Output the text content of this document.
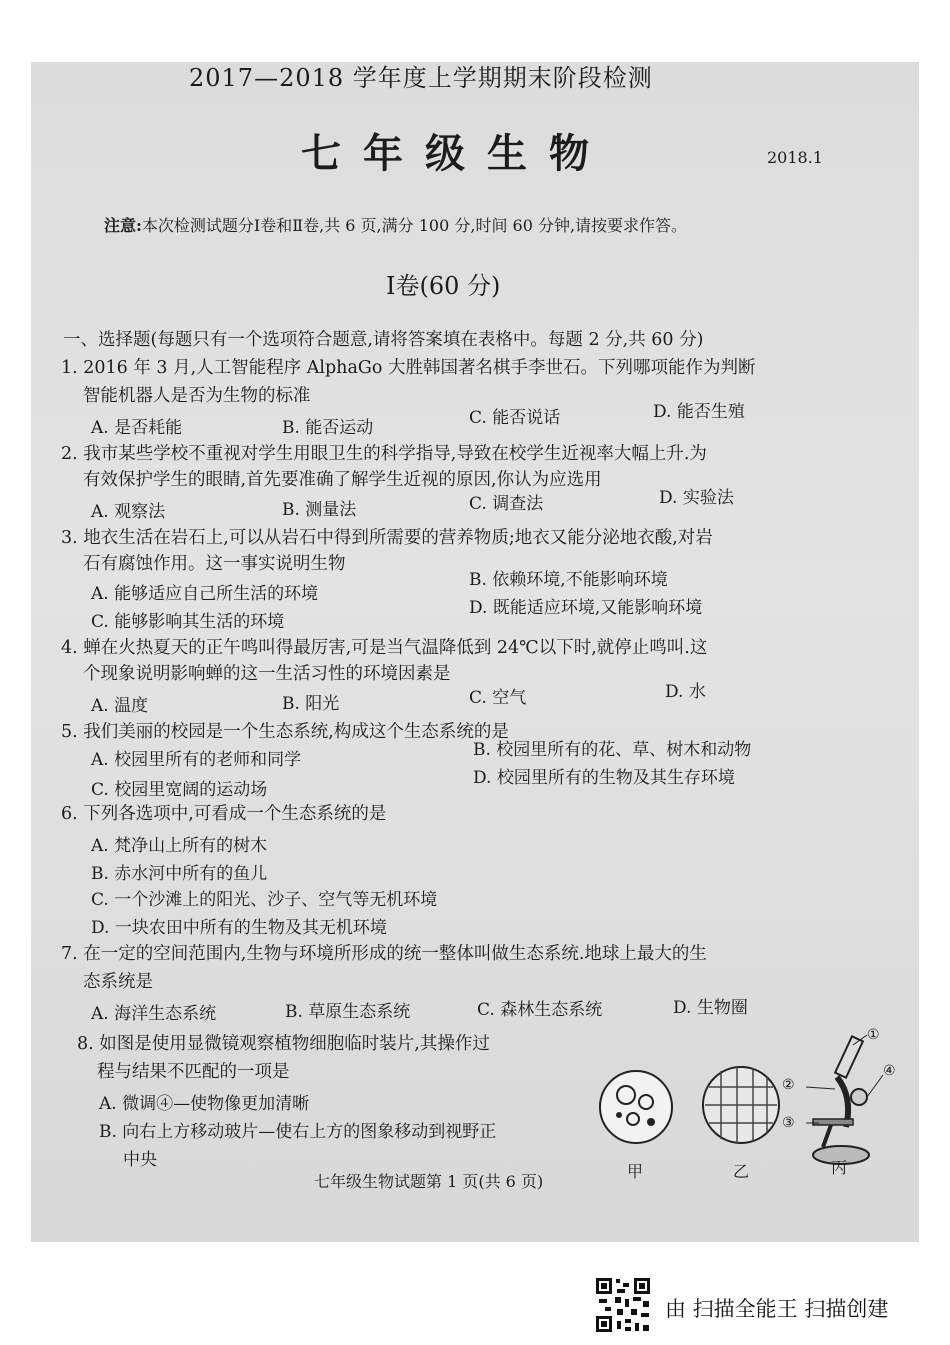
2017—2018 学年度上学期期末阶段检测
七年级生物	2018.1
注意:本次检测试题分Ⅰ卷和Ⅱ卷,共 6 页,满分 100 分,时间 60 分钟,请按要求作答。
Ⅰ卷(60 分)
一、选择题(每题只有一个选项符合题意,请将答案填在表格中。每题 2 分,共 60 分)
1. 2016 年 3 月,人工智能程序 AlphaGo 大胜韩国著名棋手李世石。下列哪项能作为判断
智能机器人是否为生物的标准
A. 是否耗能	B. 能否运动	C. 能否说话	D. 能否生殖
2. 我市某些学校不重视对学生用眼卫生的科学指导,导致在校学生近视率大幅上升.为
有效保护学生的眼睛,首先要准确了解学生近视的原因,你认为应选用
A. 观察法	B. 测量法	C. 调查法	D. 实验法
3. 地衣生活在岩石上,可以从岩石中得到所需要的营养物质;地衣又能分泌地衣酸,对岩
石有腐蚀作用。这一事实说明生物
A. 能够适应自己所生活的环境
B. 依赖环境,不能影响环境
C. 能够影响其生活的环境
D. 既能适应环境,又能影响环境
4. 蝉在火热夏天的正午鸣叫得最厉害,可是当气温降低到 24℃以下时,就停止鸣叫.这
个现象说明影响蝉的这一生活习性的环境因素是
A. 温度	B. 阳光	C. 空气	D. 水
5. 我们美丽的校园是一个生态系统,构成这个生态系统的是
A. 校园里所有的老师和同学	B. 校园里所有的花、草、树木和动物
C. 校园里宽阔的运动场
D. 校园里所有的生物及其生存环境
6. 下列各选项中,可看成一个生态系统的是
A. 梵净山上所有的树木
B. 赤水河中所有的鱼儿
C. 一个沙滩上的阳光、沙子、空气等无机环境
D. 一块农田中所有的生物及其无机环境
7. 在一定的空间范围内,生物与环境所形成的统一整体叫做生态系统.地球上最大的生
态系统是
A. 海洋生态系统	B. 草原生态系统	C. 森林生态系统	D. 生物圈
8. 如图是使用显微镜观察植物细胞临时装片,其操作过
程与结果不匹配的一项是
A. 微调④—使物像更加清晰
B. 向右上方移动玻片—使右上方的图象移动到视野正
中央
甲	乙	丙
①
②
③
④
七年级生物试题第 1 页(共 6 页)
由 扫描全能王 扫描创建
